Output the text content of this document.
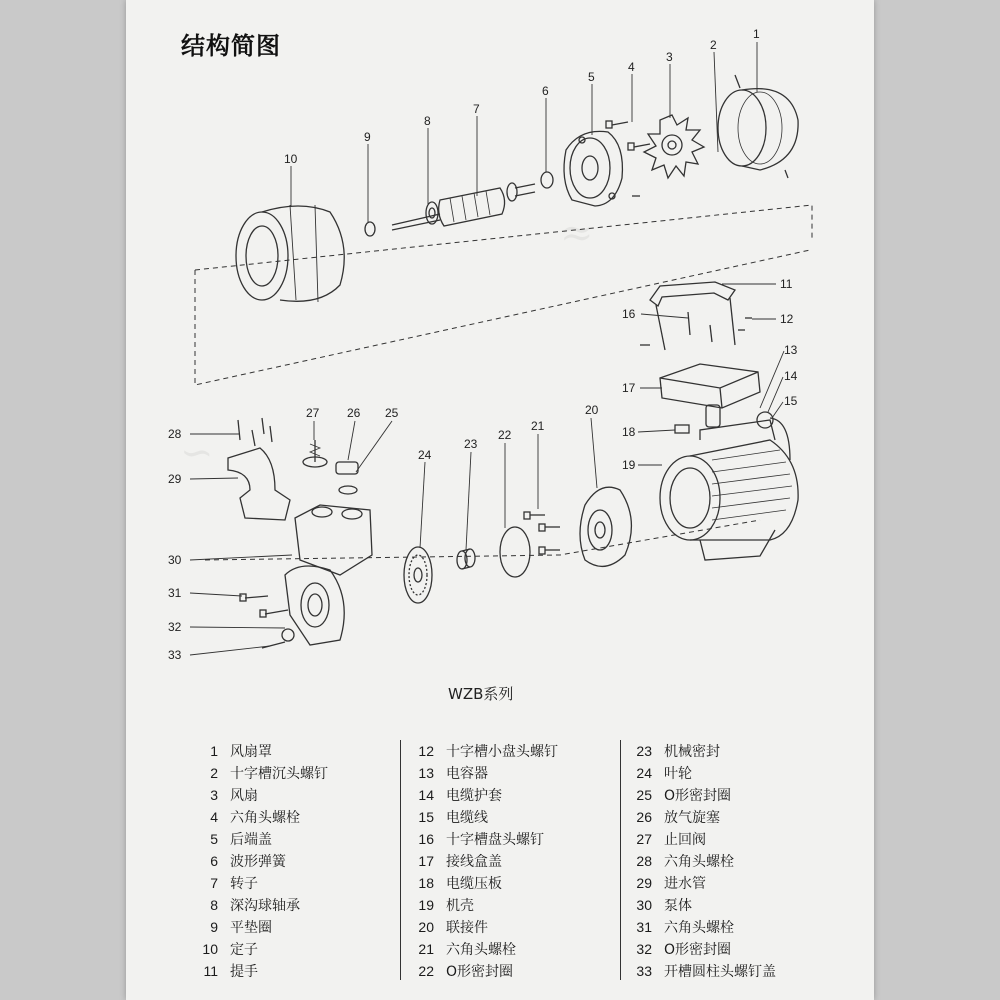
≈
∽
结构简图	1
2
3
4
5
6
7
8
9
10
11
12
13
14
15
16
17
18
19
20
21
22
23
24
25
26
27
28
29
30
31
32
33
WZB系列
1 风扇罩
2 十字槽沉头螺钉
3 风扇
4 六角头螺栓
5 后端盖
6 波形弹簧
7 转子
8 深沟球轴承
9 平垫圈
10 定子
11 提手
12 十字槽小盘头螺钉
13 电容器
14 电缆护套
15 电缆线
16 十字槽盘头螺钉
17 接线盒盖
18 电缆压板
19 机壳
20 联接件
21 六角头螺栓
22 O形密封圈
23 机械密封
24 叶轮
25 O形密封圈
26 放气旋塞
27 止回阀
28 六角头螺栓
29 进水管
30 泵体
31 六角头螺栓
32 O形密封圈
33 开槽圆柱头螺钉盖
